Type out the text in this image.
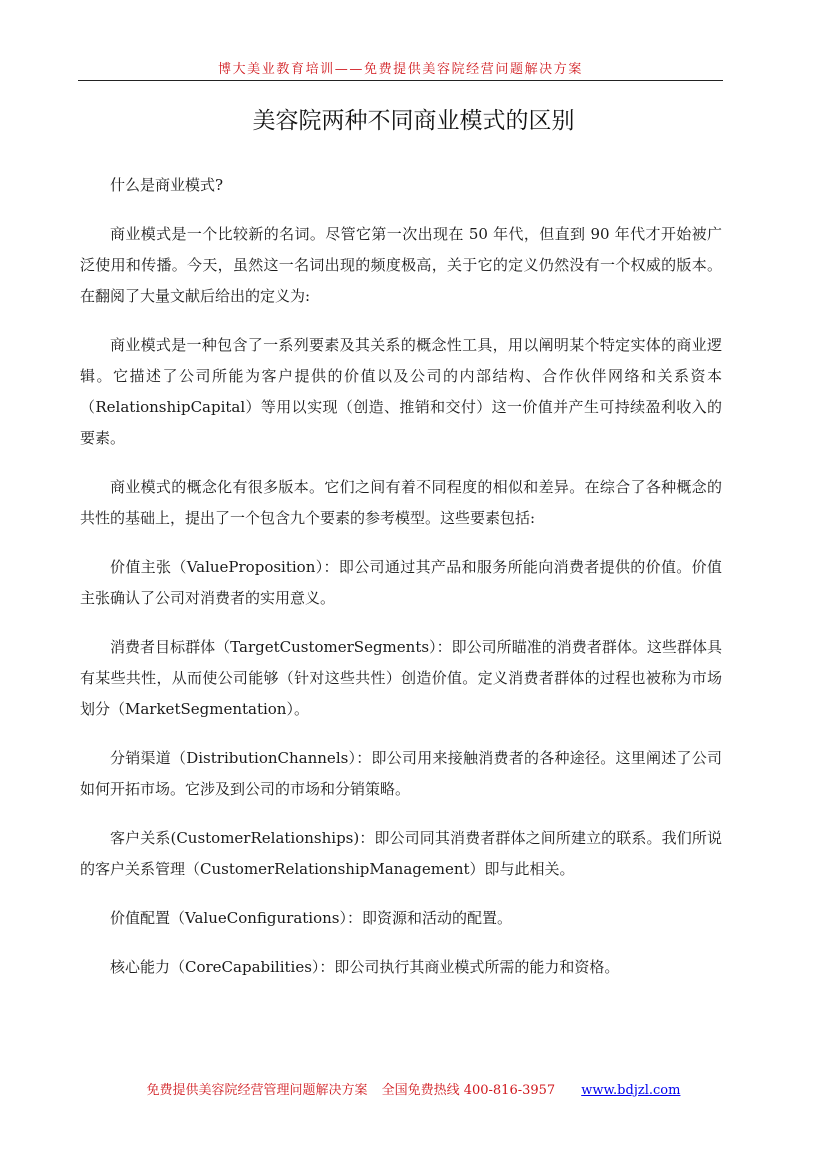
博大美业教育培训——免费提供美容院经营问题解决方案
美容院两种不同商业模式的区别

什么是商业模式?

商业模式是一个比较新的名词。尽管它第一次出现在 50 年代，但直到 90 年代才开始被广泛使用和传播。今天，虽然这一名词出现的频度极高，关于它的定义仍然没有一个权威的版本。在翻阅了大量文献后给出的定义为:

商业模式是一种包含了一系列要素及其关系的概念性工具，用以阐明某个特定实体的商业逻辑。它描述了公司所能为客户提供的价值以及公司的内部结构、合作伙伴网络和关系资本（RelationshipCapital）等用以实现（创造、推销和交付）这一价值并产生可持续盈利收入的要素。

商业模式的概念化有很多版本。它们之间有着不同程度的相似和差异。在综合了各种概念的共性的基础上，提出了一个包含九个要素的参考模型。这些要素包括:

价值主张（ValueProposition）：即公司通过其产品和服务所能向消费者提供的价值。价值主张确认了公司对消费者的实用意义。

消费者目标群体（TargetCustomerSegments）：即公司所瞄准的消费者群体。这些群体具有某些共性，从而使公司能够（针对这些共性）创造价值。定义消费者群体的过程也被称为市场划分（MarketSegmentation）。

分销渠道（DistributionChannels）：即公司用来接触消费者的各种途径。这里阐述了公司如何开拓市场。它涉及到公司的市场和分销策略。

客户关系(CustomerRelationships)：即公司同其消费者群体之间所建立的联系。我们所说的客户关系管理（CustomerRelationshipManagement）即与此相关。

价值配置（ValueConfigurations）：即资源和活动的配置。

核心能力（CoreCapabilities）：即公司执行其商业模式所需的能力和资格。

免费提供美容院经营管理问题解决方案 全国免费热线 400-816-3957 www.bdjzl.com
